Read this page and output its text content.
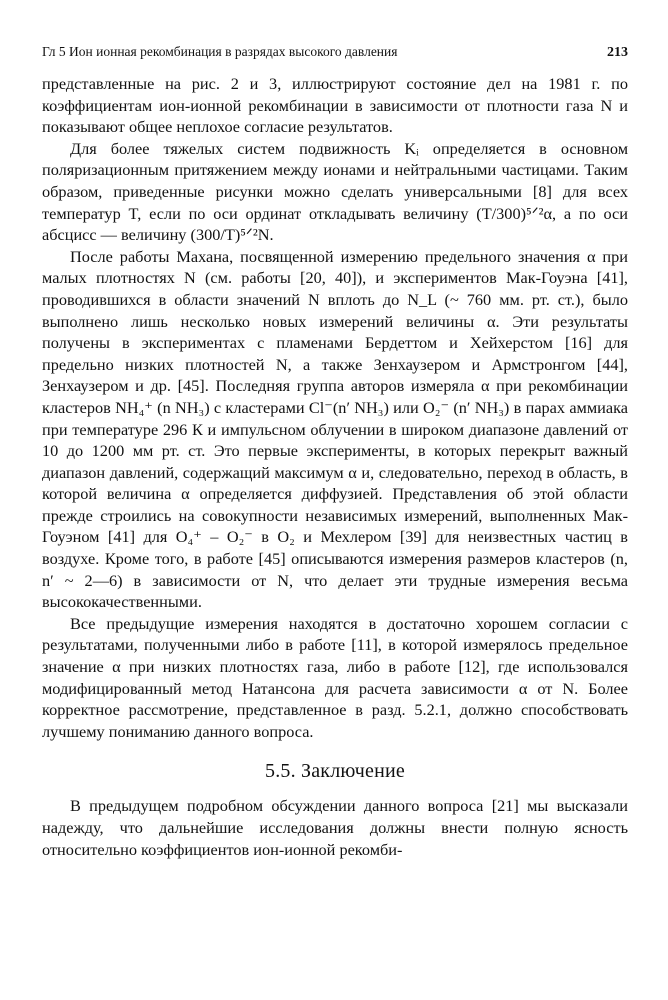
Гл 5 Ион ионная рекомбинация в разрядах высокого давления	213

представленные на рис. 2 и 3, иллюстрируют состояние дел на 1981 г. по коэффициентам ион-ионной рекомбинации в зависимости от плотности газа N и показывают общее неплохое согласие результатов.

Для более тяжелых систем подвижность Kᵢ определяется в основном поляризационным притяжением между ионами и нейтральными частицами. Таким образом, приведенные рисунки можно сделать универсальными [8] для всех температур T, если по оси ординат откладывать величину (T/300)⁵ᐟ²α, а по оси абсцисс — величину (300/T)⁵ᐟ²N.

После работы Махана, посвященной измерению предельного значения α при малых плотностях N (см. работы [20, 40]), и экспериментов Мак-Гоуэна [41], проводившихся в области значений N вплоть до N_L (~ 760 мм. рт. ст.), было выполнено лишь несколько новых измерений величины α. Эти результаты получены в экспериментах с пламенами Бердеттом и Хейхерстом [16] для предельно низких плотностей N, а также Зенхаузером и Армстронгом [44], Зенхаузером и др. [45]. Последняя группа авторов измеряла α при рекомбинации кластеров NH₄⁺ (n NH₃) с кластерами Cl⁻(n′ NH₃) или O₂⁻ (n′ NH₃) в парах аммиака при температуре 296 К и импульсном облучении в широком диапазоне давлений от 10 до 1200 мм рт. ст. Это первые эксперименты, в которых перекрыт важный диапазон давлений, содержащий максимум α и, следовательно, переход в область, в которой величина α определяется диффузией. Представления об этой области прежде строились на совокупности независимых измерений, выполненных Мак-Гоуэном [41] для O₄⁺ – O₂⁻ в O₂ и Мехлером [39] для неизвестных частиц в воздухе. Кроме того, в работе [45] описываются измерения размеров кластеров (n, n′ ~ 2—6) в зависимости от N, что делает эти трудные измерения весьма высококачественными.

Все предыдущие измерения находятся в достаточно хорошем согласии с результатами, полученными либо в работе [11], в которой измерялось предельное значение α при низких плотностях газа, либо в работе [12], где использовался модифицированный метод Натансона для расчета зависимости α от N. Более корректное рассмотрение, представленное в разд. 5.2.1, должно способствовать лучшему пониманию данного вопроса.

5.5. Заключение

В предыдущем подробном обсуждении данного вопроса [21] мы высказали надежду, что дальнейшие исследования должны внести полную ясность относительно коэффициентов ион-ионной рекомби-
